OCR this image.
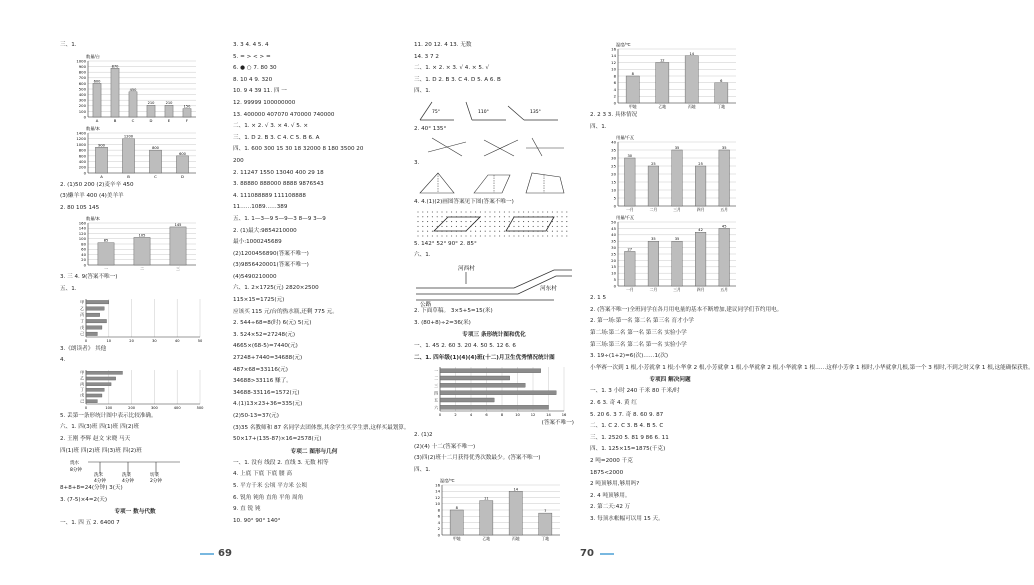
三、1.
数量/台
1000
900
800
700
600
500
400
300
200
100
0
600
A
870
B
450
C
210
D
210
E
150
F
数量/本
1400
1200
1000
800
600
400
200
0
900
A
1200
B
800
C
600
D
2. (1)50 200 (2)麦辛辛 450
(3)懒羊羊 400 (4)美羊羊
2. 80 105 145
数量/本
160
140
120
100
80
60
40
20
0
85
一
105
二
145
三
3. 三 4. 9(答案不唯一)
五、1.
0	10	20	30	40	50
甲
乙
丙
丁
戊
己
3.《朗读者》 其他
4.
0	100	200	300	400	500
甲
乙
丙
丁
戊
己
5. 丢第一条形统计图中表示比较准确。
六、1. 四(3)班 四(1)班 四(2)班
2. 王刚 李辉 赵文 宋晓 马天
四(1)班 四(2)班 四(3)班 四(2)班
烧水
8分钟
洗米
4分钟
洗菜
4分钟
切菜
2分钟
8+8+8=24(分钟) 3(天)
3. (7-5)×4=2(天)
专项一 数与代数
一、1. 四 五 2. 6400 7
3. 3 4. 4 5. 4
5. = > < > =
6. ● ○ 7. 80 30
8. 10 4 9. 320
10. 9 4 39 11. 四 一
12. 99999 100000000
13. 400000 407070 470000 740000
二、1. × 2. √ 3. × 4. √ 5. ×
三、1. D 2. B 3. C 4. C 5. B 6. A
四、1. 600 300 15 30 18 32000 8 180 3500 20
200
2. 11247 1550 13040 400 29 18
3. 88880 888000 8888 9876543
4. 111088889 111108888
11……1089……389
五、1. 1—3—9 5—9—3 8—9 3—9
2. (1)最大:9854210000
最小:1000245689
(2)1200456890(答案不唯一)
(3)9856420001(答案不唯一)
(4)5490210000
六、1. 2×1725(元) 2820×2500
115×15=1725(元)
应该买 115 元/台的热水瓶,还剩 775 元。
2. 544÷68=8(时) 6(元) 5(元)
3. 524×52=27248(元)
4665×(68-5)=7440(元)
27248+7440=34688(元)
487×68=33116(元)
34688>33116 赚了。
34688-33116=1572(元)
4.(1)13×23+36=335(元)
(2)50-13=37(元)
(3)35 名教师和 87 名同学去团体票,其余学生买学生票,这样买最划算。
50×17+(135-87)×16=2578(元)
专项二 图形与几何
一、1. 没有 线段 2. 直线 3. 无数 相等
4. 上底 下底 下底 腰 高
5. 平方千米 公顷 平方米 公顷
6. 锐角 钝角 直角 平角 周角
9. 直 锐 钝
10. 90° 90° 140°
11. 20 12. 4 13. 无数
14. 3 7 2
二、1. × 2. × 3. √ 4. × 5. √
三、1. D 2. B 3. C 4. D 5. A 6. B
四、1.
75°	110°	135°
2. 40° 135°
3.
4. 4.(1)(2)画图答案见下图(答案不唯一)
5. 142° 52° 90° 2. 85°
六、1.
河西村
河东村
公路
2. 下面草稿。 3×5+5=15(米)
3. (80+8)÷2=36(米)
专项三 条形统计图和优化
一、1. 45 2. 60 3. 20 4. 50 5. 12 6. 6
二、1. 四年级(1)(4)(4)班(十二)月卫生优秀情况统计图
0	2	4	6	8	10	12	14	16
一
二
三
四
五
六
(答案不唯一)
2. (1)2
(2)(4) 十二(答案不唯一)
(3)四(2)班十二月获得优秀次数最少。(答案不唯一)
四、1.
温度/℃
16
14
12
10
8
6
4
2
0
8
甲地
11
乙地
14
丙地
7
丁地
温度/℃
16
14
12
10
8
6
4
2
0
8
甲地
12
乙地
14
丙地
6
丁地
2. 2 3 3. 具体情况
四、1.
用量/千瓦
40
35
30
25
20
15
10
5
0
30
一月
25
二月
35
三月
25
四月
35
五月
用量/千瓦
50
45
40
35
30
25
20
15
10
5
0
27
一月
35
二月
35
三月
42
四月
45
五月
2. 1 5
2. (答案不唯一)全班同学在各月用电量的基本不断增加,建议同学们节约用电。
2. 第一场:第一名 第二名 第三名 育才小学
第二场:第二名 第一名 第三名 实验小学
第三场:第三名 第二名 第一名 实验小学
3. 19÷(1+2)=6(次)……1(次)
小华赛一次到 1 根,小芳就拿 1 根;小华拿 2 根,小芳就拿 1 根,小华就拿 2 根,小华就拿 1 根……这样小芳拿 1 根时,小华就拿几根,第一个 3 根时,不到之时又拿 1 根,这能确保获胜。
专项四 解决问题
一、1. 3 小时 240 千米 80 千米/时
2. 6 3. 奇 4. 黄 红
5. 20 6. 3 7. 奇 8. 60 9. 87
二、1. C 2. C 3. B 4. B 5. C
三、1. 2520 5. 81 9 86 6. 11
四、1. 125×15=1875(千克)
2 吨=2000 千克
1875<2000
2 吨顶够用,够用吗?
2. 4 吨顶够用。
2. 第二天:42 万
3. 每顶水帐幅可以用 15 天。
69	70
